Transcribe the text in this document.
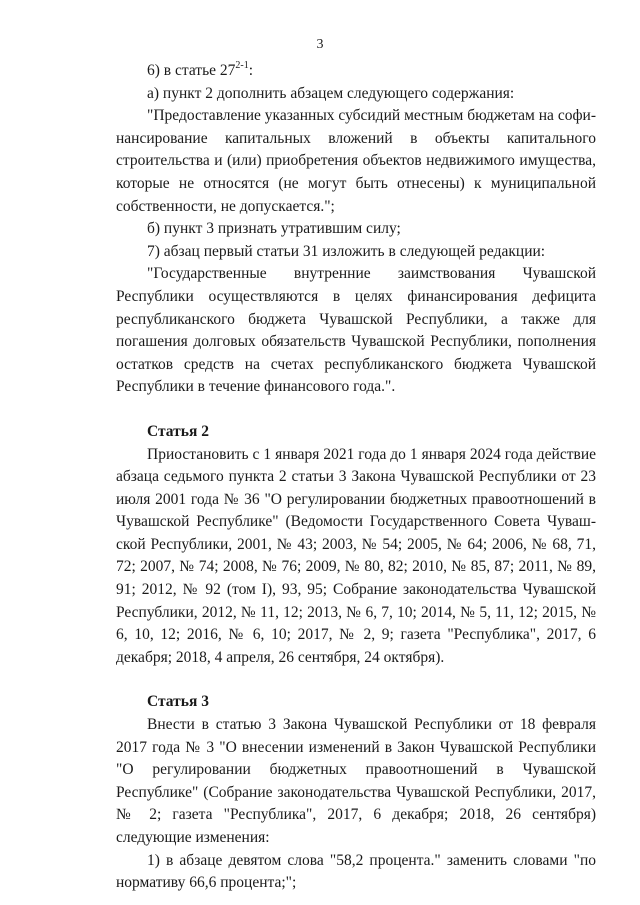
3

6) в статье 27$^{2-1}$:

а) пункт 2 дополнить абзацем следующего содержания:

"Предоставление указанных субсидий местным бюджетам на софинансирование капитальных вложений в объекты капитального строительства и (или) приобретения объектов недвижимого имущества, которые не относятся (не могут быть отнесены) к муниципальной собственности, не допускается.";

б) пункт 3 признать утратившим силу;

7) абзац первый статьи 31 изложить в следующей редакции:

"Государственные внутренние заимствования Чувашской Республики осуществляются в целях финансирования дефицита республиканского бюджета Чувашской Республики, а также для погашения долговых обязательств Чувашской Республики, пополнения остатков средств на счетах республиканского бюджета Чувашской Республики в течение финансового года.".

Статья 2

Приостановить с 1 января 2021 года до 1 января 2024 года действие абзаца седьмого пункта 2 статьи 3 Закона Чувашской Республики от 23 июля 2001 года № 36 "О регулировании бюджетных правоотношений в Чувашской Республике" (Ведомости Государственного Совета Чувашской Республики, 2001, № 43; 2003, № 54; 2005, № 64; 2006, № 68, 71, 72; 2007, № 74; 2008, № 76; 2009, № 80, 82; 2010, № 85, 87; 2011, № 89, 91; 2012, № 92 (том I), 93, 95; Собрание законодательства Чувашской Республики, 2012, № 11, 12; 2013, № 6, 7, 10; 2014, № 5, 11, 12; 2015, № 6, 10, 12; 2016, № 6, 10; 2017, № 2, 9; газета "Республика", 2017, 6 декабря; 2018, 4 апреля, 26 сентября, 24 октября).

Статья 3

Внести в статью 3 Закона Чувашской Республики от 18 февраля 2017 года № 3 "О внесении изменений в Закон Чувашской Республики "О регулировании бюджетных правоотношений в Чувашской Республике" (Собрание законодательства Чувашской Республики, 2017, № 2; газета "Республика", 2017, 6 декабря; 2018, 26 сентября) следующие изменения:

1) в абзаце девятом слова "58,2 процента." заменить словами "по нормативу 66,6 процента;";
